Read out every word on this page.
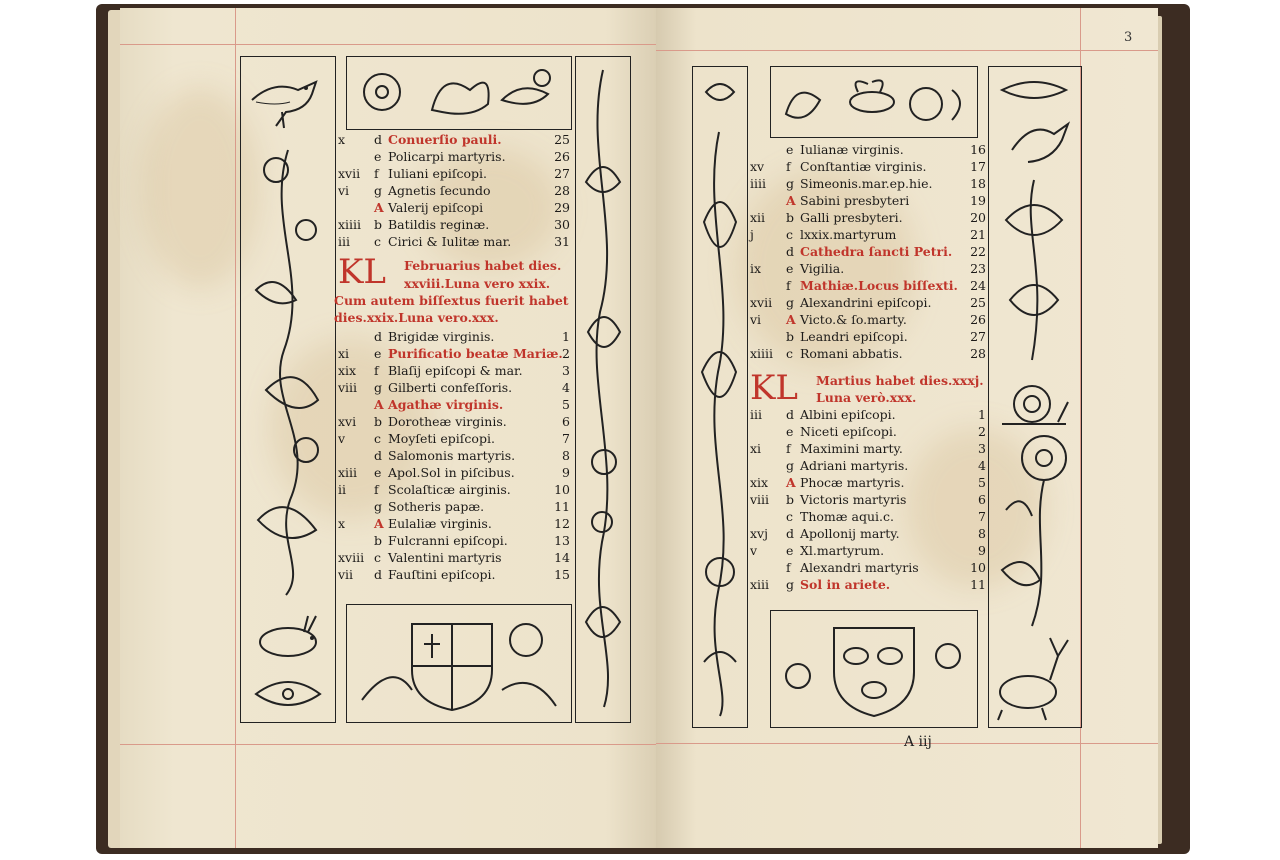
x	d Conuerſio pauli.	25
e Policarpi martyris.	26
xvii	f Iuliani epiſcopi.	27
vi	g Agnetis ſecundo	28
A Valerij epiſcopi	29
xiiii	b Batildis reginæ.	30
iii	c Cirici & Iulitæ mar.	31
KL Februarius habet dies.
xxviii.Luna vero xxix.
Cum autem biſſextus fuerit habet
dies.xxix.Luna vero.xxx.
d Brigidæ virginis.	1
xi	e Purificatio beatæ Mariæ. 2
xix	f Blaſij epiſcopi & mar.	3
viii	g Gilberti confeſſoris.	4
A Agathæ virginis.	5
xvi	b Dorotheæ virginis.	6
v	c Moyſeti epiſcopi.	7
d Salomonis martyris.	8
xiii	e Apol.Sol in piſcibus.	9
ii	f Scolaſticæ airginis.	10
g Sotheris papæ.	11
x	A Eulaliæ virginis.	12
b Fulcranni epiſcopi.	13
xviii c Valentini martyris	14
vii	d Fauſtini epiſcopi.	15
3
e Iulianæ virginis.	16
xv	f Conſtantiæ virginis.	17
iiii	g Simeonis.mar.ep.hie.	18
A Sabini presbyteri	19
xii	b Galli presbyteri.	20
j	c lxxix.martyrum	21
d Cathedra ſancti Petri.	22
ix	e Vigilia.	23
f Mathiæ.Locus biſſexti. 24
xvii	g Alexandrini epiſcopi.	25
vi	A Victo.& ſo.marty.	26
b Leandri epiſcopi.	27
xiiii	c Romani abbatis.	28
KL Martius habet dies.xxxj.
Luna verò.xxx.
iii	d Albini epiſcopi.	1
e Niceti epiſcopi.	2
xi	f Maximini marty.	3
g Adriani martyris.	4
xix	A Phocæ martyris.	5
viii	b Victoris martyris	6
c Thomæ aqui.c.	7
xvj	d Apollonij marty.	8
v	e Xl.martyrum.	9
f Alexandri martyris	10
xiii	g Sol in ariete.	11
A iij
